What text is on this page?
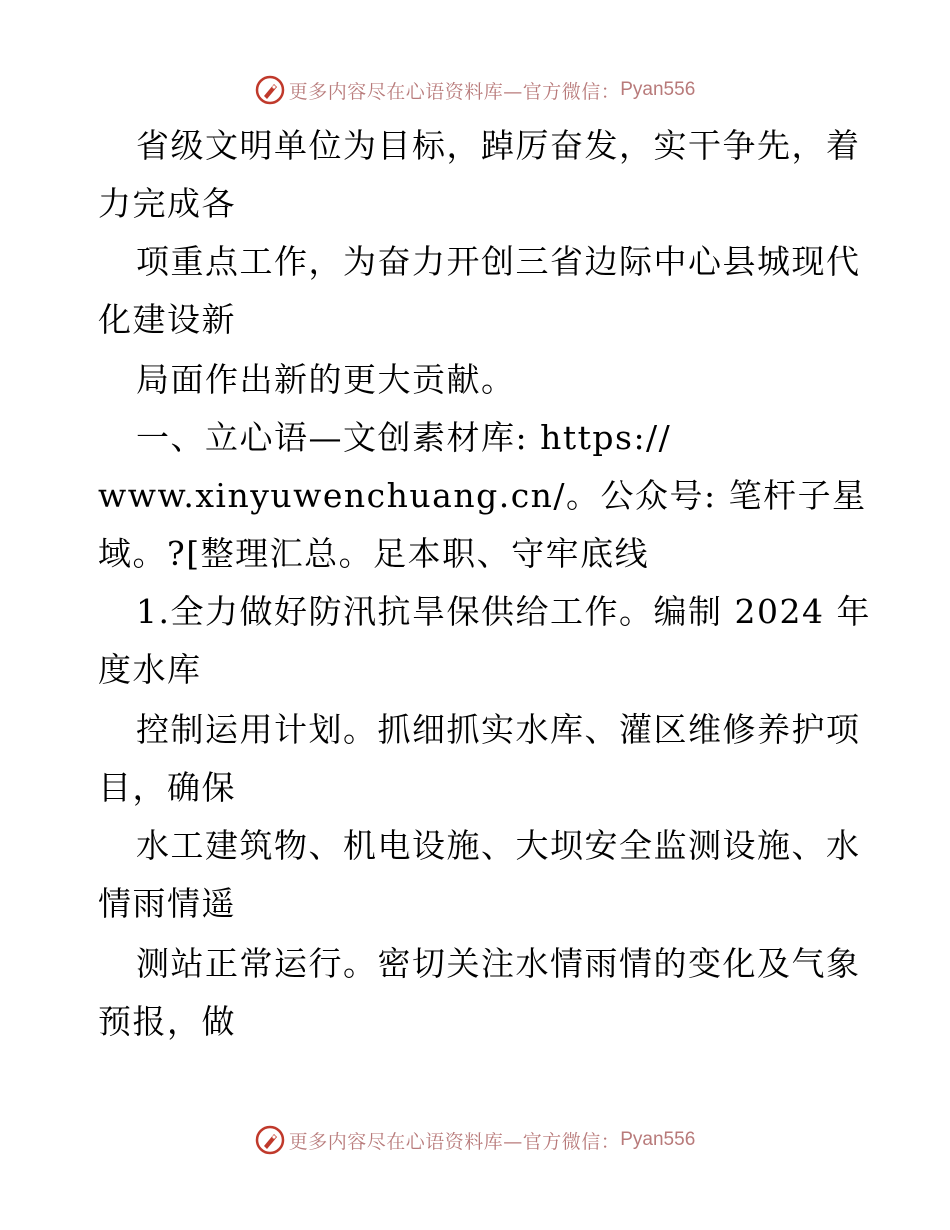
更多内容尽在心语资料库—官方微信： Pyan556
省级文明单位为目标，踔厉奋发，实干争先，着
力完成各
项重点工作，为奋力开创三省边际中心县城现代
化建设新
局面作出新的更大贡献。
一、立心语—文创素材库: https://
www.xinyuwenchuang.cn/。公众号: 笔杆子星
域。?[整理汇总。足本职、守牢底线
1.全力做好防汛抗旱保供给工作。编制 2024 年
度水库
控制运用计划。抓细抓实水库、灌区维修养护项
目，确保
水工建筑物、机电设施、大坝安全监测设施、水
情雨情遥
测站正常运行。密切关注水情雨情的变化及气象
预报，做
更多内容尽在心语资料库—官方微信： Pyan556
